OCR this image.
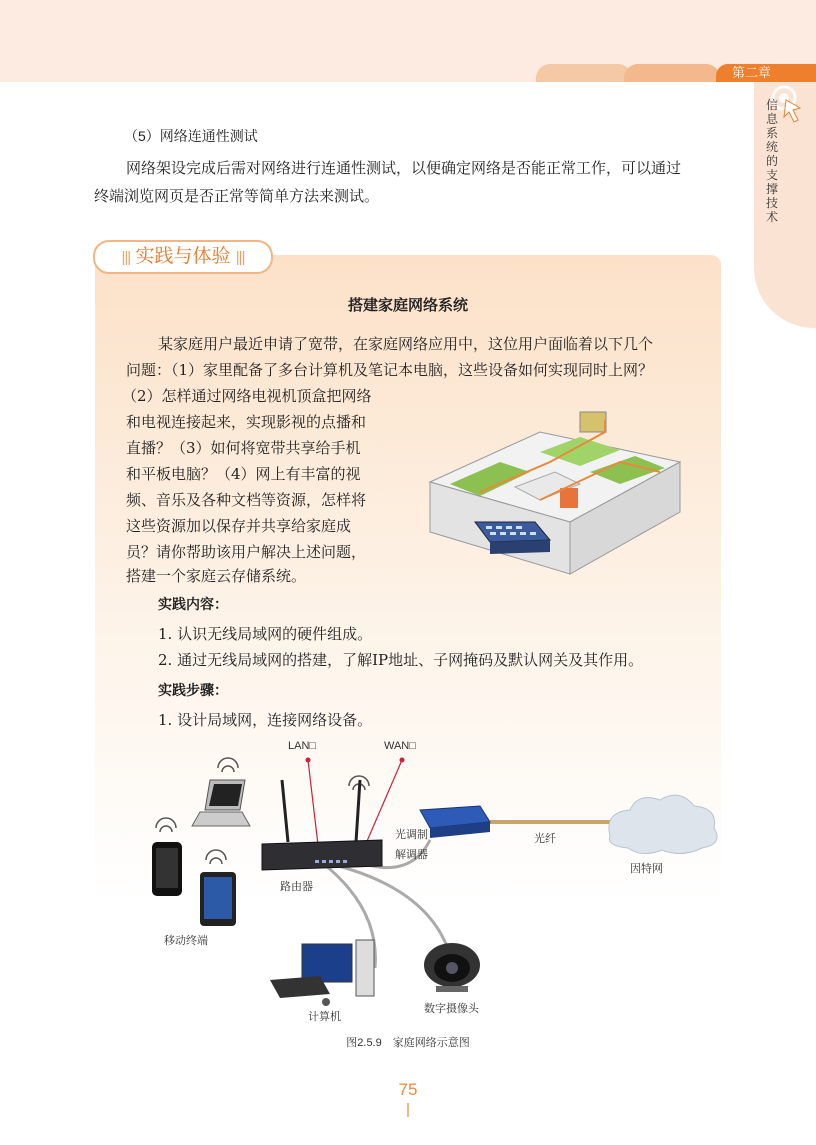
第二章
信息系统的支撑技术

（5）网络连通性测试

网络架设完成后需对网络进行连通性测试，以便确定网络是否能正常工作，可以通过

终端浏览网页是否正常等简单方法来测试。

||| 实践与体验 |||

搭建家庭网络系统

某家庭用户最近申请了宽带，在家庭网络应用中，这位用户面临着以下几个

问题：（1）家里配备了多台计算机及笔记本电脑，这些设备如何实现同时上网？

（2）怎样通过网络电视机顶盒把网络

和电视连接起来，实现影视的点播和

直播？（3）如何将宽带共享给手机

和平板电脑？（4）网上有丰富的视

频、音乐及各种文档等资源，怎样将

这些资源加以保存并共享给家庭成

员？请你帮助该用户解决上述问题，

搭建一个家庭云存储系统。

实践内容：

1. 认识无线局域网的硬件组成。

2. 通过无线局域网的搭建，了解IP地址、子网掩码及默认网关及其作用。

实践步骤：

1. 设计局域网，连接网络设备。

LAN□	WAN□
光调制
解调器
光纤
因特网
路由器
移动终端
计算机
数字摄像头
图2.5.9　家庭网络示意图
75
